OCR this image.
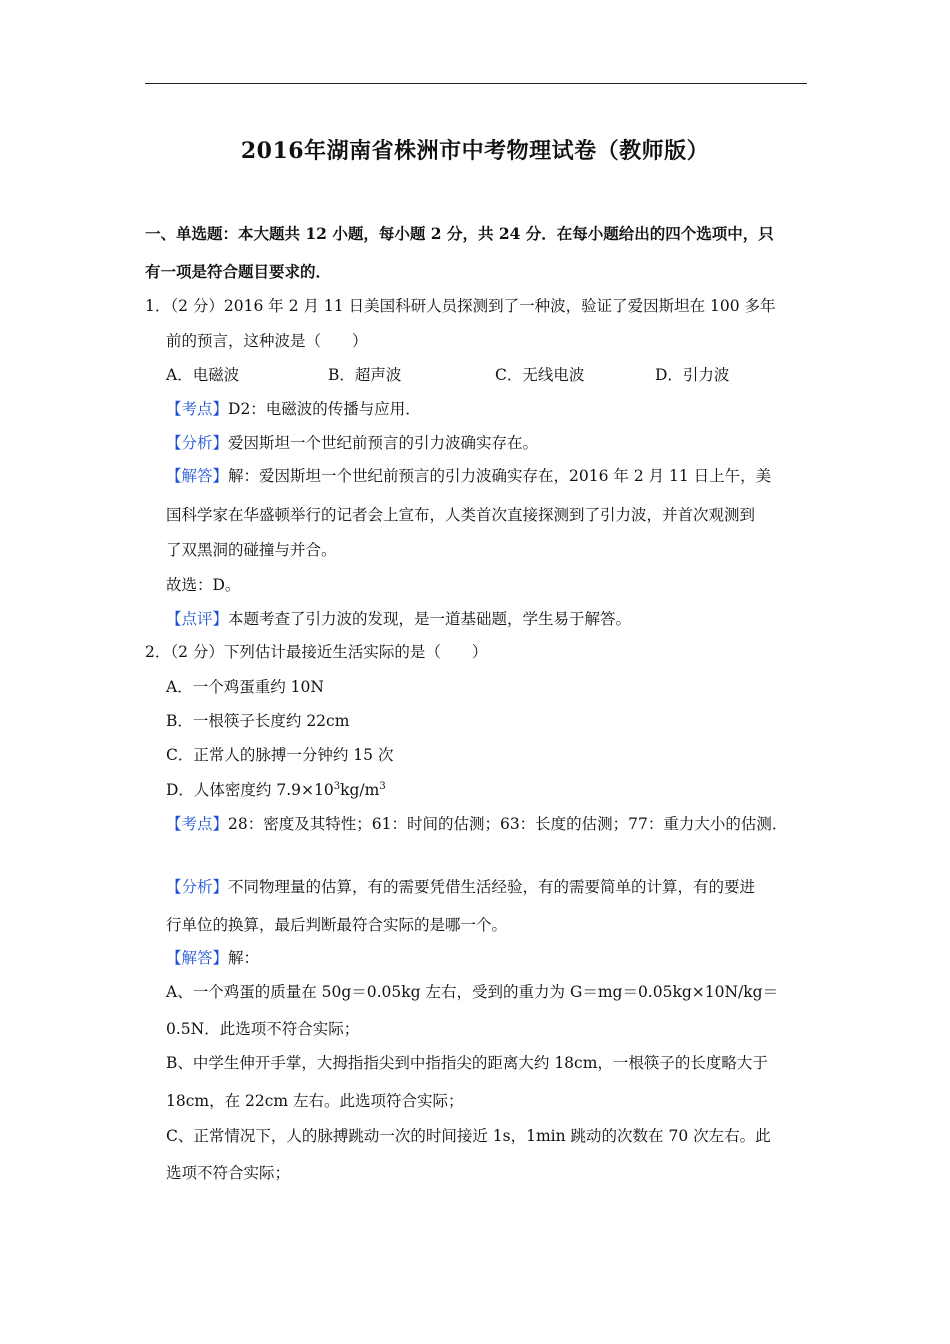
2016年湖南省株洲市中考物理试卷（教师版）
一、单选题：本大题共 12 小题，每小题 2 分，共 24 分．在每小题给出的四个选项中，只
有一项是符合题目要求的．
1．（2 分）2016 年 2 月 11 日美国科研人员探测到了一种波，验证了爱因斯坦在 100 多年
前的预言，这种波是（　　）
A．电磁波	B．超声波	C．无线电波	D．引力波
【考点】D2：电磁波的传播与应用．
【分析】爱因斯坦一个世纪前预言的引力波确实存在。
【解答】解：爱因斯坦一个世纪前预言的引力波确实存在，2016 年 2 月 11 日上午，美
国科学家在华盛顿举行的记者会上宣布，人类首次直接探测到了引力波，并首次观测到
了双黑洞的碰撞与并合。
故选：D。
【点评】本题考查了引力波的发现，是一道基础题，学生易于解答。
2．（2 分）下列估计最接近生活实际的是（　　）
A．一个鸡蛋重约 10N
B．一根筷子长度约 22cm
C．正常人的脉搏一分钟约 15 次
D．人体密度约 $7.9\times 10^3kg/m^3$
【考点】28：密度及其特性；61：时间的估测；63：长度的估测；77：重力大小的估测．
【分析】不同物理量的估算，有的需要凭借生活经验，有的需要简单的计算，有的要进
行单位的换算，最后判断最符合实际的是哪一个。
【解答】解：
A、一个鸡蛋的质量在 50g＝0.05kg 左右，受到的重力为 G＝mg＝0.05kg×10N/kg＝
0.5N．此选项不符合实际；
B、中学生伸开手掌，大拇指指尖到中指指尖的距离大约 18cm，一根筷子的长度略大于
18cm，在 22cm 左右。此选项符合实际；
C、正常情况下，人的脉搏跳动一次的时间接近 1s，1min 跳动的次数在 70 次左右。此
选项不符合实际；
